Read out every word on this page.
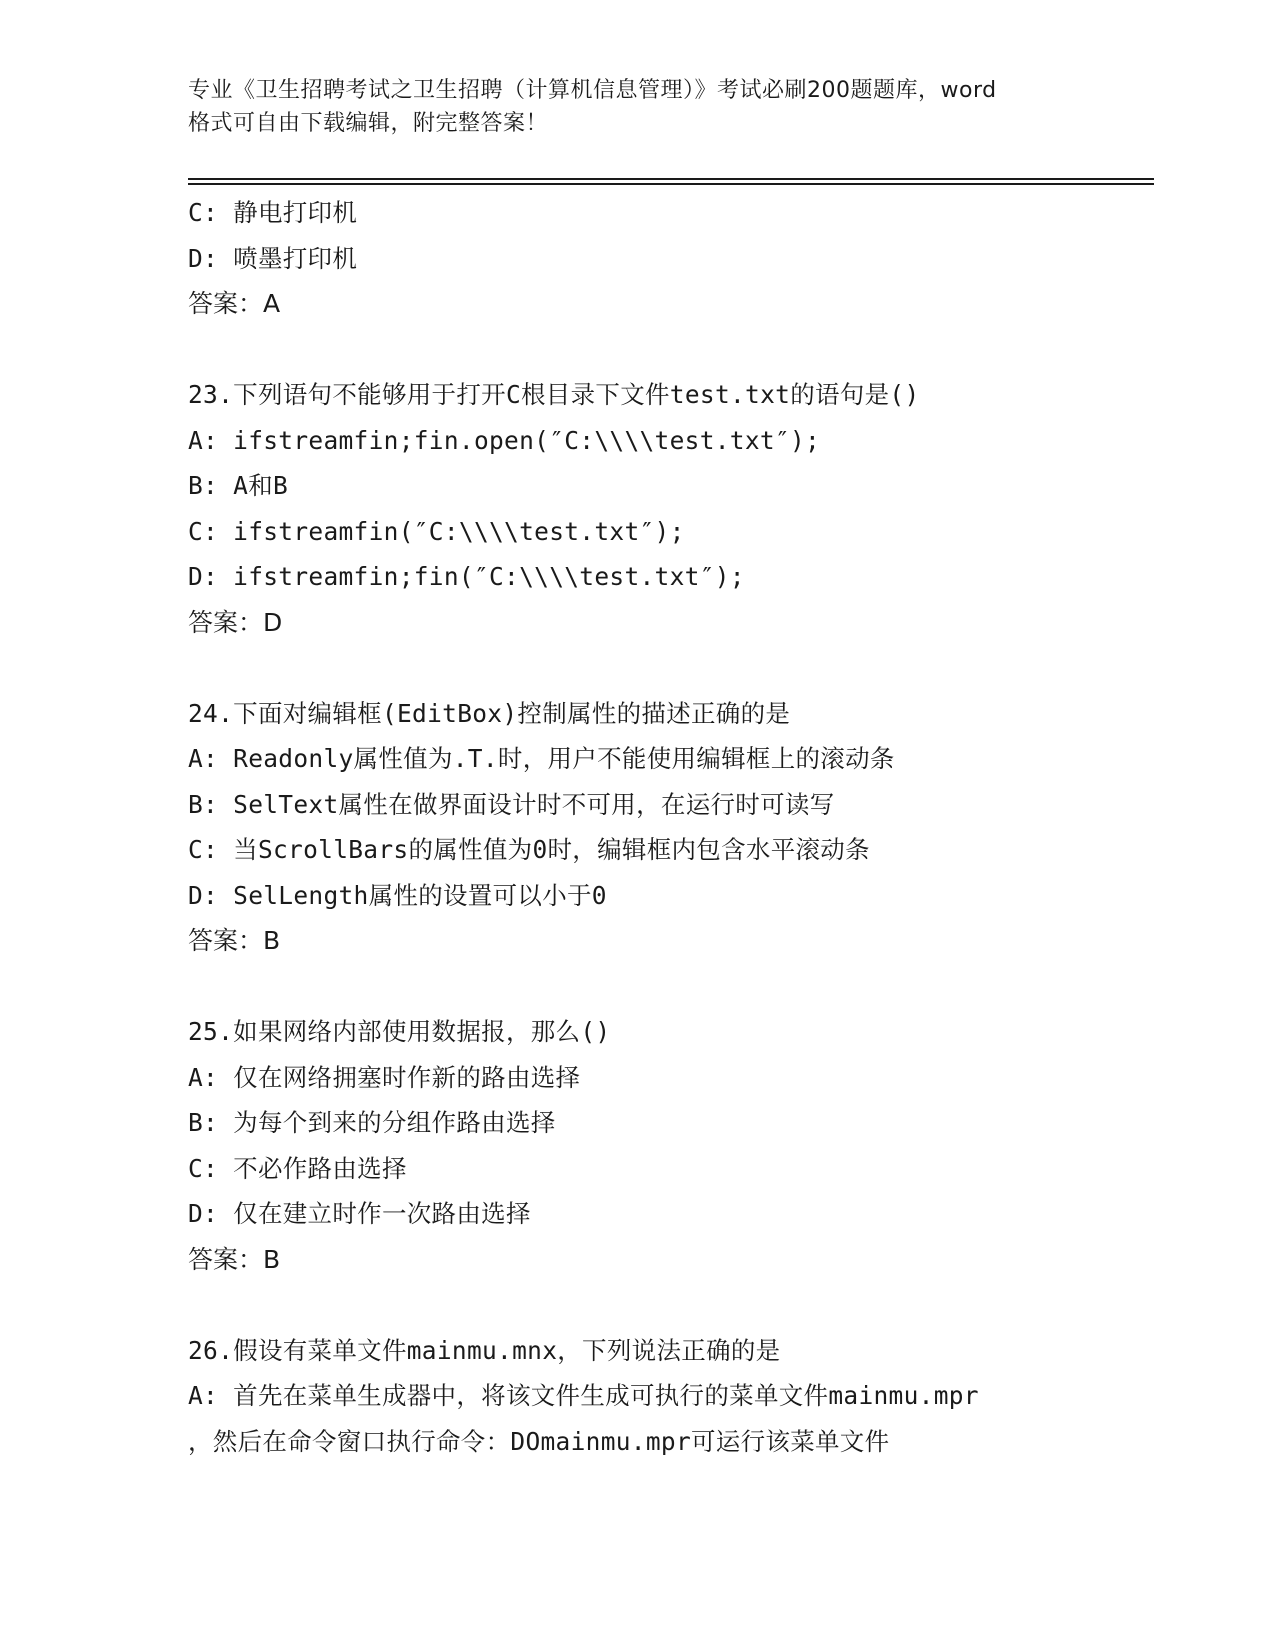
专业《卫生招聘考试之卫生招聘（计算机信息管理）》考试必刷200题题库，word
格式可自由下载编辑，附完整答案！
C: 静电打印机
D: 喷墨打印机
答案：A
23.下列语句不能够用于打开C根目录下文件test.txt的语句是()
A: ifstreamfin;fin.open(″C:\\\\test.txt″);
B: A和B
C: ifstreamfin(″C:\\\\test.txt″);
D: ifstreamfin;fin(″C:\\\\test.txt″);
答案：D
24.下面对编辑框(EditBox)控制属性的描述正确的是
A: Readonly属性值为.T.时，用户不能使用编辑框上的滚动条
B: SelText属性在做界面设计时不可用，在运行时可读写
C: 当ScrollBars的属性值为0时，编辑框内包含水平滚动条
D: SelLength属性的设置可以小于0
答案：B
25.如果网络内部使用数据报，那么()
A: 仅在网络拥塞时作新的路由选择
B: 为每个到来的分组作路由选择
C: 不必作路由选择
D: 仅在建立时作一次路由选择
答案：B
26.假设有菜单文件mainmu.mnx，下列说法正确的是
A: 首先在菜单生成器中，将该文件生成可执行的菜单文件mainmu.mpr
，然后在命令窗口执行命令：DOmainmu.mpr可运行该菜单文件
